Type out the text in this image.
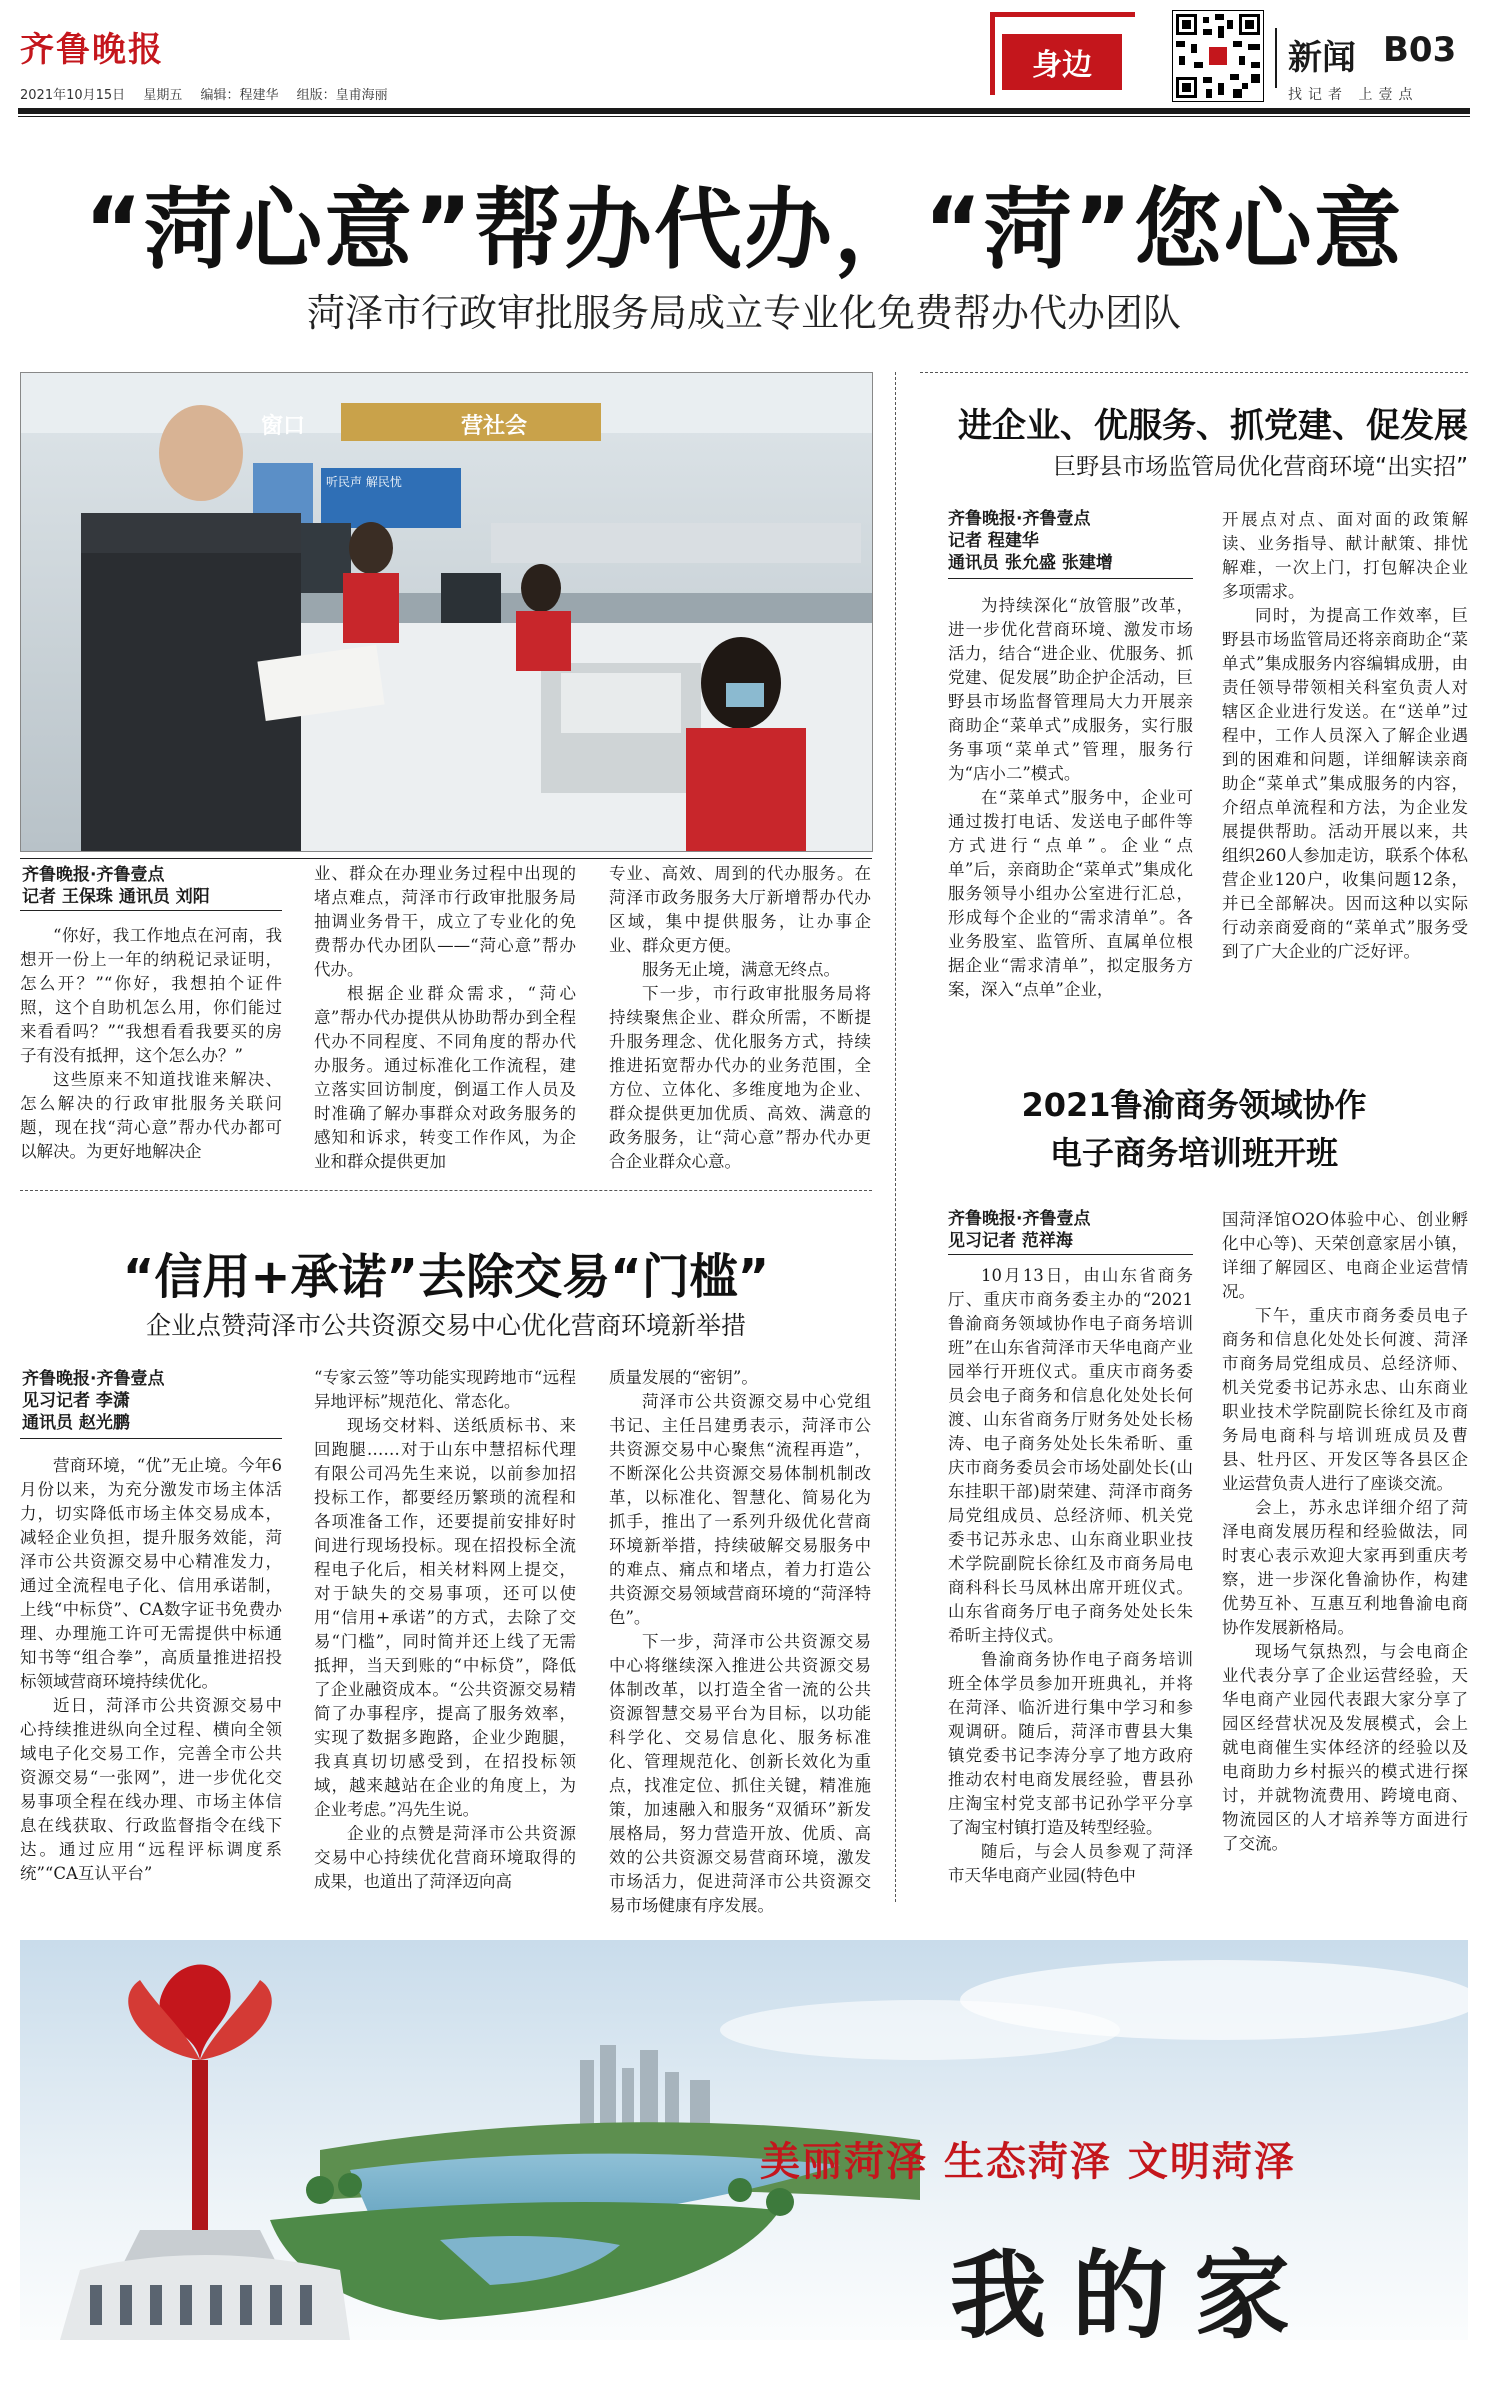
齐鲁晚报
2021年10月15日 星期五 编辑：程建华 组版：皇甫海丽
身边	新闻 B03
找记者 上壹点
“菏心意”帮办代办，“菏”您心意
菏泽市行政审批服务局成立专业化免费帮办代办团队
窗口	营社会
听民声 解民忧
齐鲁晚报·齐鲁壹点
记者 王保珠 通讯员 刘阳

“你好，我工作地点在河南，我想开一份上一年的纳税记录证明，怎么开？”“你好，我想拍个证件照，这个自助机怎么用，你们能过来看看吗？”“我想看看我要买的房子有没有抵押，这个怎么办？”

这些原来不知道找谁来解决、怎么解决的行政审批服务关联问题，现在找“菏心意”帮办代办都可以解决。为更好地解决企

业、群众在办理业务过程中出现的堵点难点，菏泽市行政审批服务局抽调业务骨干，成立了专业化的免费帮办代办团队——“菏心意”帮办代办。

根据企业群众需求，“菏心意”帮办代办提供从协助帮办到全程代办不同程度、不同角度的帮办代办服务。通过标准化工作流程，建立落实回访制度，倒逼工作人员及时准确了解办事群众对政务服务的感知和诉求，转变工作作风，为企业和群众提供更加

专业、高效、周到的代办服务。在菏泽市政务服务大厅新增帮办代办区域，集中提供服务，让办事企业、群众更方便。

服务无止境，满意无终点。

下一步，市行政审批服务局将持续聚焦企业、群众所需，不断提升服务理念、优化服务方式，持续推进拓宽帮办代办的业务范围，全方位、立体化、多维度地为企业、群众提供更加优质、高效、满意的政务服务，让“菏心意”帮办代办更合企业群众心意。

进企业、优服务、抓党建、促发展
巨野县市场监管局优化营商环境“出实招”
齐鲁晚报·齐鲁壹点
记者 程建华
通讯员 张允盛 张建增

为持续深化“放管服”改革，进一步优化营商环境、激发市场活力，结合“进企业、优服务、抓党建、促发展”助企护企活动，巨野县市场监督管理局大力开展亲商助企“菜单式”成服务，实行服务事项“菜单式”管理，服务行为“店小二”模式。

在“菜单式”服务中，企业可通过拨打电话、发送电子邮件等方式进行“点单”。企业“点单”后，亲商助企“菜单式”集成化服务领导小组办公室进行汇总，形成每个企业的“需求清单”。各业务股室、监管所、直属单位根据企业“需求清单”，拟定服务方案，深入“点单”企业，

开展点对点、面对面的政策解读、业务指导、献计献策、排忧解难，一次上门，打包解决企业多项需求。

同时，为提高工作效率，巨野县市场监管局还将亲商助企“菜单式”集成服务内容编辑成册，由责任领导带领相关科室负责人对辖区企业进行发送。在“送单”过程中，工作人员深入了解企业遇到的困难和问题，详细解读亲商助企“菜单式”集成服务的内容，介绍点单流程和方法，为企业发展提供帮助。活动开展以来，共组织260人参加走访，联系个体私营企业120户，收集问题12条，并已全部解决。因而这种以实际行动亲商爱商的“菜单式”服务受到了广大企业的广泛好评。

2021鲁渝商务领域协作
电子商务培训班开班
齐鲁晚报·齐鲁壹点
见习记者 范祥海

10月13日，由山东省商务厅、重庆市商务委主办的“2021鲁渝商务领域协作电子商务培训班”在山东省菏泽市天华电商产业园举行开班仪式。重庆市商务委员会电子商务和信息化处处长何渡、山东省商务厅财务处处长杨涛、电子商务处处长朱希昕、重庆市商务委员会市场处副处长(山东挂职干部)尉荣建、菏泽市商务局党组成员、总经济师、机关党委书记苏永忠、山东商业职业技术学院副院长徐红及市商务局电商科科长马凤林出席开班仪式。山东省商务厅电子商务处处长朱希昕主持仪式。

鲁渝商务协作电子商务培训班全体学员参加开班典礼，并将在菏泽、临沂进行集中学习和参观调研。随后，菏泽市曹县大集镇党委书记李涛分享了地方政府推动农村电商发展经验，曹县孙庄淘宝村党支部书记孙学平分享了淘宝村镇打造及转型经验。

随后，与会人员参观了菏泽市天华电商产业园(特色中

国菏泽馆O2O体验中心、创业孵化中心等)、天荣创意家居小镇，详细了解园区、电商企业运营情况。

下午，重庆市商务委员电子商务和信息化处处长何渡、菏泽市商务局党组成员、总经济师、机关党委书记苏永忠、山东商业职业技术学院副院长徐红及市商务局电商科与培训班成员及曹县、牡丹区、开发区等各县区企业运营负责人进行了座谈交流。

会上，苏永忠详细介绍了菏泽电商发展历程和经验做法，同时衷心表示欢迎大家再到重庆考察，进一步深化鲁渝协作，构建优势互补、互惠互利地鲁渝电商协作发展新格局。

现场气氛热烈，与会电商企业代表分享了企业运营经验，天华电商产业园代表跟大家分享了园区经营状况及发展模式，会上就电商催生实体经济的经验以及电商助力乡村振兴的模式进行探讨，并就物流费用、跨境电商、物流园区的人才培养等方面进行了交流。

“信用+承诺”去除交易“门槛”
企业点赞菏泽市公共资源交易中心优化营商环境新举措
齐鲁晚报·齐鲁壹点
见习记者 李潇
通讯员 赵光鹏

营商环境，“优”无止境。今年6月份以来，为充分激发市场主体活力，切实降低市场主体交易成本，减轻企业负担，提升服务效能，菏泽市公共资源交易中心精准发力，通过全流程电子化、信用承诺制，上线“中标贷”、CA数字证书免费办理、办理施工许可无需提供中标通知书等“组合拳”，高质量推进招投标领域营商环境持续优化。

近日，菏泽市公共资源交易中心持续推进纵向全过程、横向全领域电子化交易工作，完善全市公共资源交易“一张网”，进一步优化交易事项全程在线办理、市场主体信息在线获取、行政监督指令在线下达。通过应用“远程评标调度系统”“CA互认平台”

“专家云签”等功能实现跨地市“远程异地评标”规范化、常态化。

现场交材料、送纸质标书、来回跑腿……对于山东中慧招标代理有限公司冯先生来说，以前参加招投标工作，都要经历繁琐的流程和各项准备工作，还要提前安排好时间进行现场投标。现在招投标全流程电子化后，相关材料网上提交，对于缺失的交易事项，还可以使用“信用+承诺”的方式，去除了交易“门槛”，同时简并还上线了无需抵押，当天到账的“中标贷”，降低了企业融资成本。“公共资源交易精简了办事程序，提高了服务效率，实现了数据多跑路，企业少跑腿，我真真切切感受到，在招投标领域，越来越站在企业的角度上，为企业考虑。”冯先生说。

企业的点赞是菏泽市公共资源交易中心持续优化营商环境取得的成果，也道出了菏泽迈向高

质量发展的“密钥”。

菏泽市公共资源交易中心党组书记、主任吕建勇表示，菏泽市公共资源交易中心聚焦“流程再造”，不断深化公共资源交易体制机制改革，以标准化、智慧化、简易化为抓手，推出了一系列升级优化营商环境新举措，持续破解交易服务中的难点、痛点和堵点，着力打造公共资源交易领域营商环境的“菏泽特色”。

下一步，菏泽市公共资源交易中心将继续深入推进公共资源交易体制改革，以打造全省一流的公共资源智慧交易平台为目标，以功能科学化、交易信息化、服务标准化、管理规范化、创新长效化为重点，找准定位、抓住关键，精准施策，加速融入和服务“双循环”新发展格局，努力营造开放、优质、高效的公共资源交易营商环境，激发市场活力，促进菏泽市公共资源交易市场健康有序发展。

美丽菏泽 生态菏泽 文明菏泽
我的家
